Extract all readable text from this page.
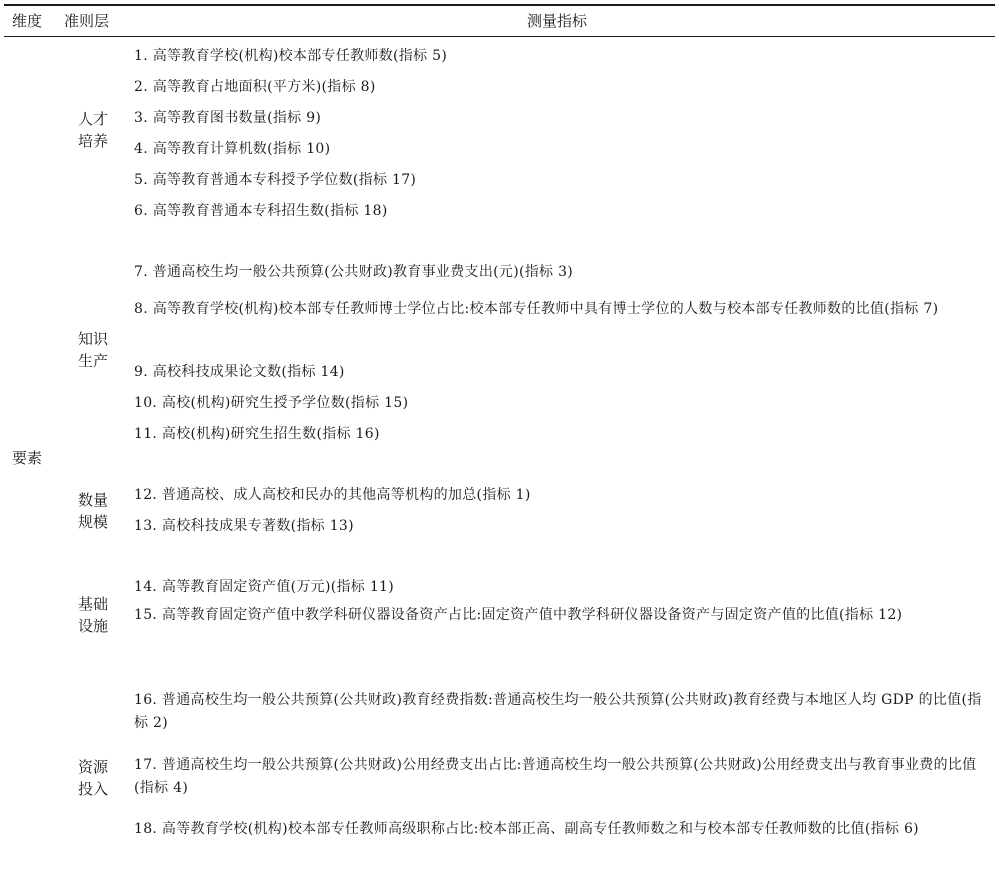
维度 准则层	测量指标
要素
人才培养
知识生产
数量规模
基础设施
资源投入
1. 高等教育学校(机构)校本部专任教师数(指标 5)
2. 高等教育占地面积(平方米)(指标 8)
3. 高等教育图书数量(指标 9)
4. 高等教育计算机数(指标 10)
5. 高等教育普通本专科授予学位数(指标 17)
6. 高等教育普通本专科招生数(指标 18)
7. 普通高校生均一般公共预算(公共财政)教育事业费支出(元)(指标 3)
8. 高等教育学校(机构)校本部专任教师博士学位占比:校本部专任教师中具有博士学位的人数与校本部专任教师数的比值(指标 7)
9. 高校科技成果论文数(指标 14)
10. 高校(机构)研究生授予学位数(指标 15)
11. 高校(机构)研究生招生数(指标 16)
12. 普通高校、成人高校和民办的其他高等机构的加总(指标 1)
13. 高校科技成果专著数(指标 13)
14. 高等教育固定资产值(万元)(指标 11)
15. 高等教育固定资产值中教学科研仪器设备资产占比:固定资产值中教学科研仪器设备资产与固定资产值的比值(指标 12)
16. 普通高校生均一般公共预算(公共财政)教育经费指数:普通高校生均一般公共预算(公共财政)教育经费与本地区人均 GDP 的比值(指标 2)
17. 普通高校生均一般公共预算(公共财政)公用经费支出占比:普通高校生均一般公共预算(公共财政)公用经费支出与教育事业费的比值(指标 4)
18. 高等教育学校(机构)校本部专任教师高级职称占比:校本部正高、副高专任教师数之和与校本部专任教师数的比值(指标 6)
